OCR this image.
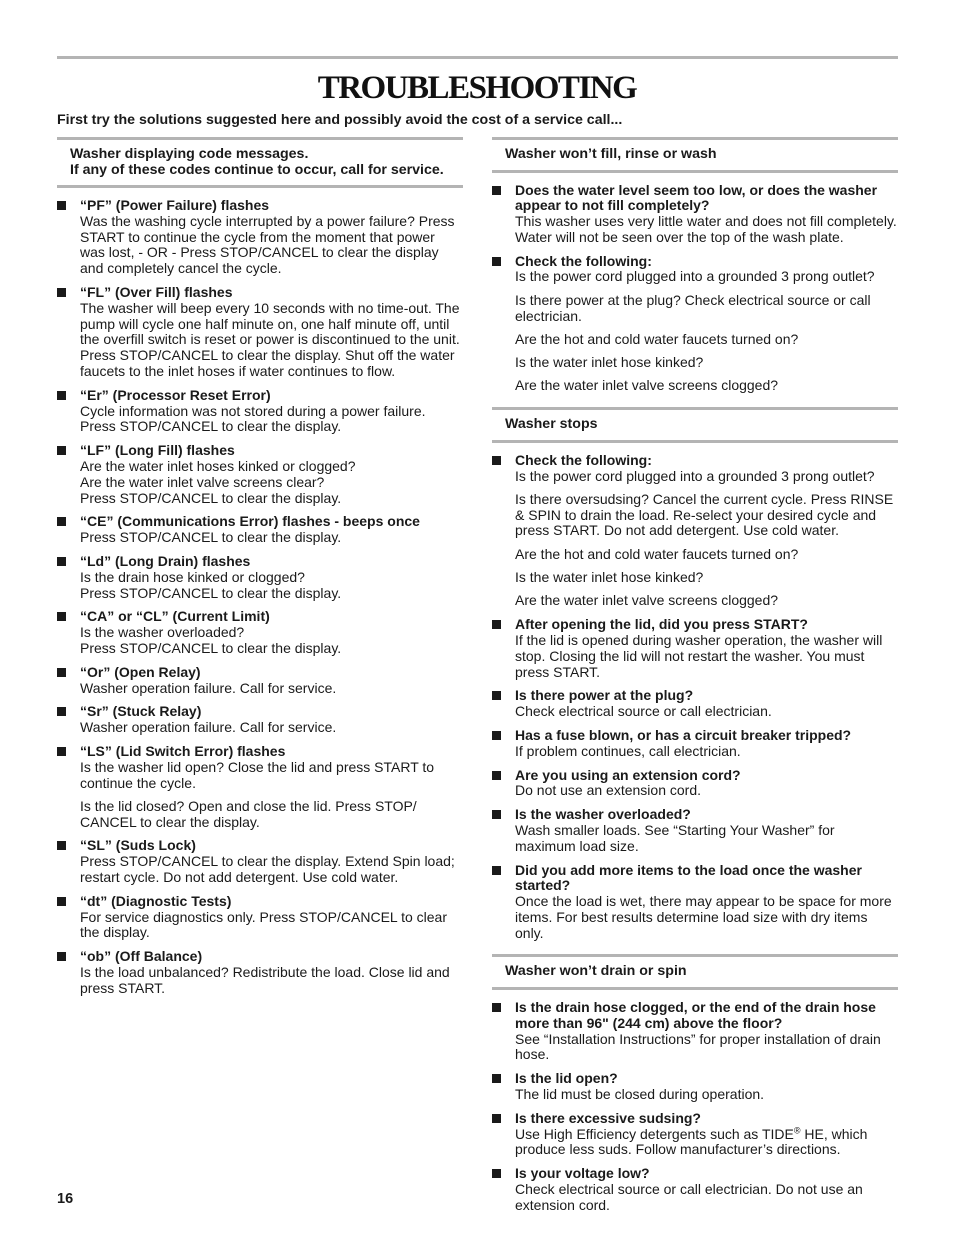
TROUBLESHOOTING
First try the solutions suggested here and possibly avoid the cost of a service call...
Washer displaying code messages.
If any of these codes continue to occur, call for service.
“PF” (Power Failure) flashes
Was the washing cycle interrupted by a power failure? Press START to continue the cycle from the moment that power was lost, - OR - Press STOP/CANCEL to clear the display and completely cancel the cycle.
“FL” (Over Fill) flashes
The washer will beep every 10 seconds with no time-out. The pump will cycle one half minute on, one half minute off, until the overfill switch is reset or power is discontinued to the unit. Press STOP/CANCEL to clear the display. Shut off the water faucets to the inlet hoses if water continues to flow.
“Er” (Processor Reset Error)
Cycle information was not stored during a power failure.
Press STOP/CANCEL to clear the display.
“LF” (Long Fill) flashes
Are the water inlet hoses kinked or clogged?
Are the water inlet valve screens clear?
Press STOP/CANCEL to clear the display.
“CE” (Communications Error) flashes - beeps once
Press STOP/CANCEL to clear the display.
“Ld” (Long Drain) flashes
Is the drain hose kinked or clogged?
Press STOP/CANCEL to clear the display.
“CA” or “CL” (Current Limit)
Is the washer overloaded?
Press STOP/CANCEL to clear the display.
“Or” (Open Relay)
Washer operation failure. Call for service.
“Sr” (Stuck Relay)
Washer operation failure. Call for service.
“LS” (Lid Switch Error) flashes
Is the washer lid open? Close the lid and press START to continue the cycle.
Is the lid closed? Open and close the lid. Press STOP/ CANCEL to clear the display.
“SL” (Suds Lock)
Press STOP/CANCEL to clear the display. Extend Spin load; restart cycle. Do not add detergent. Use cold water.
“dt” (Diagnostic Tests)
For service diagnostics only. Press STOP/CANCEL to clear the display.
“ob” (Off Balance)
Is the load unbalanced? Redistribute the load. Close lid and press START.
Washer won’t fill, rinse or wash
Does the water level seem too low, or does the washer appear to not fill completely?
This washer uses very little water and does not fill completely. Water will not be seen over the top of the wash plate.
Check the following:
Is the power cord plugged into a grounded 3 prong outlet?
Is there power at the plug? Check electrical source or call electrician.
Are the hot and cold water faucets turned on?
Is the water inlet hose kinked?
Are the water inlet valve screens clogged?
Washer stops
Check the following:
Is the power cord plugged into a grounded 3 prong outlet?
Is there oversudsing? Cancel the current cycle. Press RINSE & SPIN to drain the load. Re-select your desired cycle and press START. Do not add detergent. Use cold water.
Are the hot and cold water faucets turned on?
Is the water inlet hose kinked?
Are the water inlet valve screens clogged?
After opening the lid, did you press START?
If the lid is opened during washer operation, the washer will stop. Closing the lid will not restart the washer. You must press START.
Is there power at the plug?
Check electrical source or call electrician.
Has a fuse blown, or has a circuit breaker tripped?
If problem continues, call electrician.
Are you using an extension cord?
Do not use an extension cord.
Is the washer overloaded?
Wash smaller loads. See “Starting Your Washer” for maximum load size.
Did you add more items to the load once the washer started?
Once the load is wet, there may appear to be space for more items. For best results determine load size with dry items only.
Washer won’t drain or spin
Is the drain hose clogged, or the end of the drain hose more than 96" (244 cm) above the floor?
See “Installation Instructions” for proper installation of drain hose.
Is the lid open?
The lid must be closed during operation.
Is there excessive sudsing?
Use High Efficiency detergents such as TIDE® HE, which produce less suds. Follow manufacturer’s directions.
Is your voltage low?
Check electrical source or call electrician. Do not use an extension cord.
16
